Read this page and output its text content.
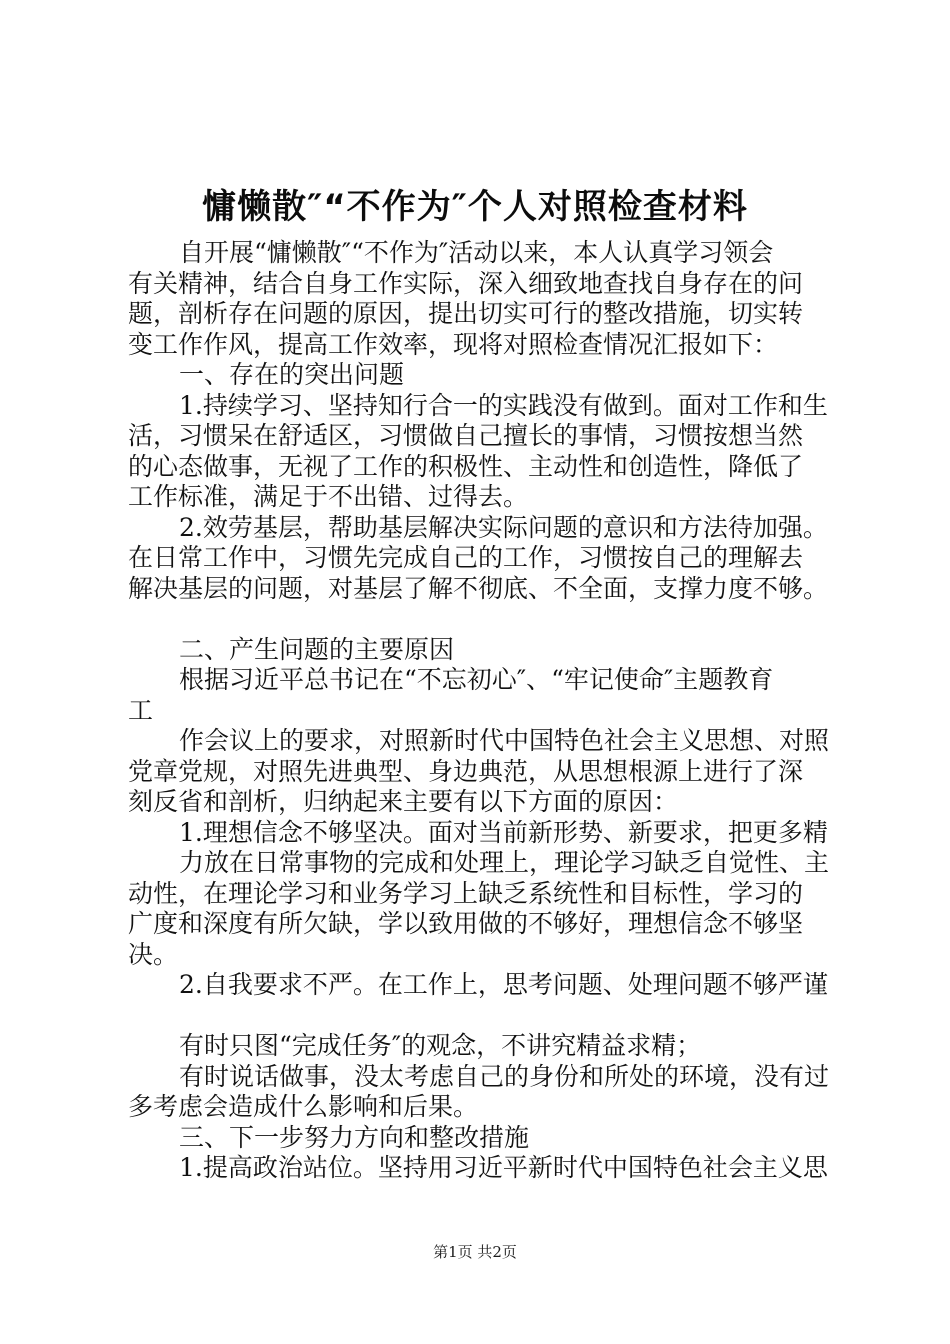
慵懒散″“不作为″个人对照检查材料
自开展“慵懒散″“不作为″活动以来，本人认真学习领会
有关精神，结合自身工作实际，深入细致地查找自身存在的问
题，剖析存在问题的原因，提出切实可行的整改措施，切实转
变工作作风，提高工作效率，现将对照检查情况汇报如下：
一、存在的突出问题
1.持续学习、坚持知行合一的实践没有做到。面对工作和生
活，习惯呆在舒适区，习惯做自己擅长的事情，习惯按想当然
的心态做事，无视了工作的积极性、主动性和创造性，降低了
工作标准，满足于不出错、过得去。
2.效劳基层，帮助基层解决实际问题的意识和方法待加强。
在日常工作中，习惯先完成自己的工作，习惯按自己的理解去
解决基层的问题，对基层了解不彻底、不全面，支撑力度不够。
二、产生问题的主要原因
根据习近平总书记在“不忘初心″、“牢记使命″主题教育
工
作会议上的要求，对照新时代中国特色社会主义思想、对照
党章党规，对照先进典型、身边典范，从思想根源上进行了深
刻反省和剖析，归纳起来主要有以下方面的原因：
1.理想信念不够坚决。面对当前新形势、新要求，把更多精
力放在日常事物的完成和处理上，理论学习缺乏自觉性、主
动性，在理论学习和业务学习上缺乏系统性和目标性，学习的
广度和深度有所欠缺，学以致用做的不够好，理想信念不够坚
决。
2.自我要求不严。在工作上，思考问题、处理问题不够严谨
有时只图“完成任务″的观念，不讲究精益求精；
有时说话做事，没太考虑自己的身份和所处的环境，没有过
多考虑会造成什么影响和后果。
三、下一步努力方向和整改措施
1.提高政治站位。坚持用习近平新时代中国特色社会主义思
第1页 共2页
